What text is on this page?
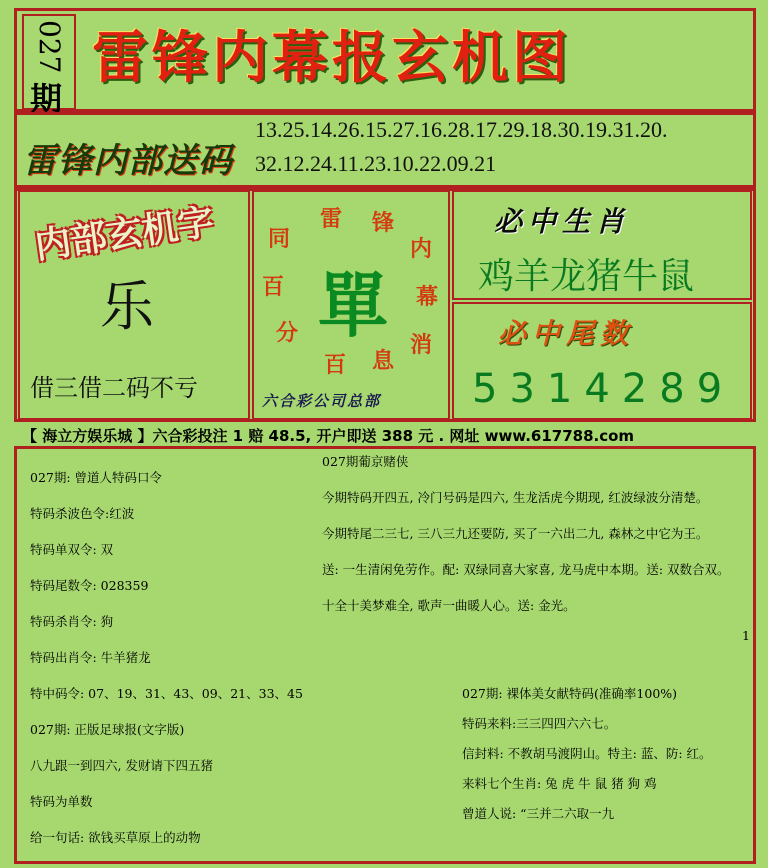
027
期
雷锋内幕报玄机图
雷锋内部送码
13.25.14.26.15.27.16.28.17.29.18.30.19.31.20.
32.12.24.11.23.10.22.09.21
内部玄机字
乐
借三借二码不亏
同
雷 锋
内
幕
消
息
百
分
百 單
六合彩公司总部
必中生肖
鸡羊龙猪牛鼠
必中尾数
5314289
【 海立方娱乐城 】六合彩投注 1 赔 48.5, 开户即送 388 元 . 网址 www.617788.com
027期: 曾道人特码口令
特码杀波色令:红波
特码单双令: 双
特码尾数令: 028359
特码杀肖令: 狗
特码出肖令: 牛羊猪龙
特中码令: 07、19、31、43、09、21、33、45
027期: 正版足球报(文字版)
八九跟一到四六, 发财请下四五猪
特码为单数
给一句话: 欲钱买草原上的动物
027期葡京赌侠
今期特码开四五, 冷门号码是四六, 生龙活虎今期现, 红波绿波分清楚。
今期特尾二三七, 三八三九还要防, 买了一六出二九, 森林之中它为王。
送: 一生清闲免劳作。配: 双绿同喜大家喜, 龙马虎中本期。送: 双数合双。
十全十美梦难全, 歌声一曲暖人心。送: 金光。
1
027期: 裸体美女献特码(准确率100%)
特码来料:三三四四六六七。
信封料: 不教胡马渡阴山。特主: 蓝、防: 红。
来料七个生肖: 兔 虎 牛 鼠 猪 狗 鸡
曾道人说: “三并二六取一九
